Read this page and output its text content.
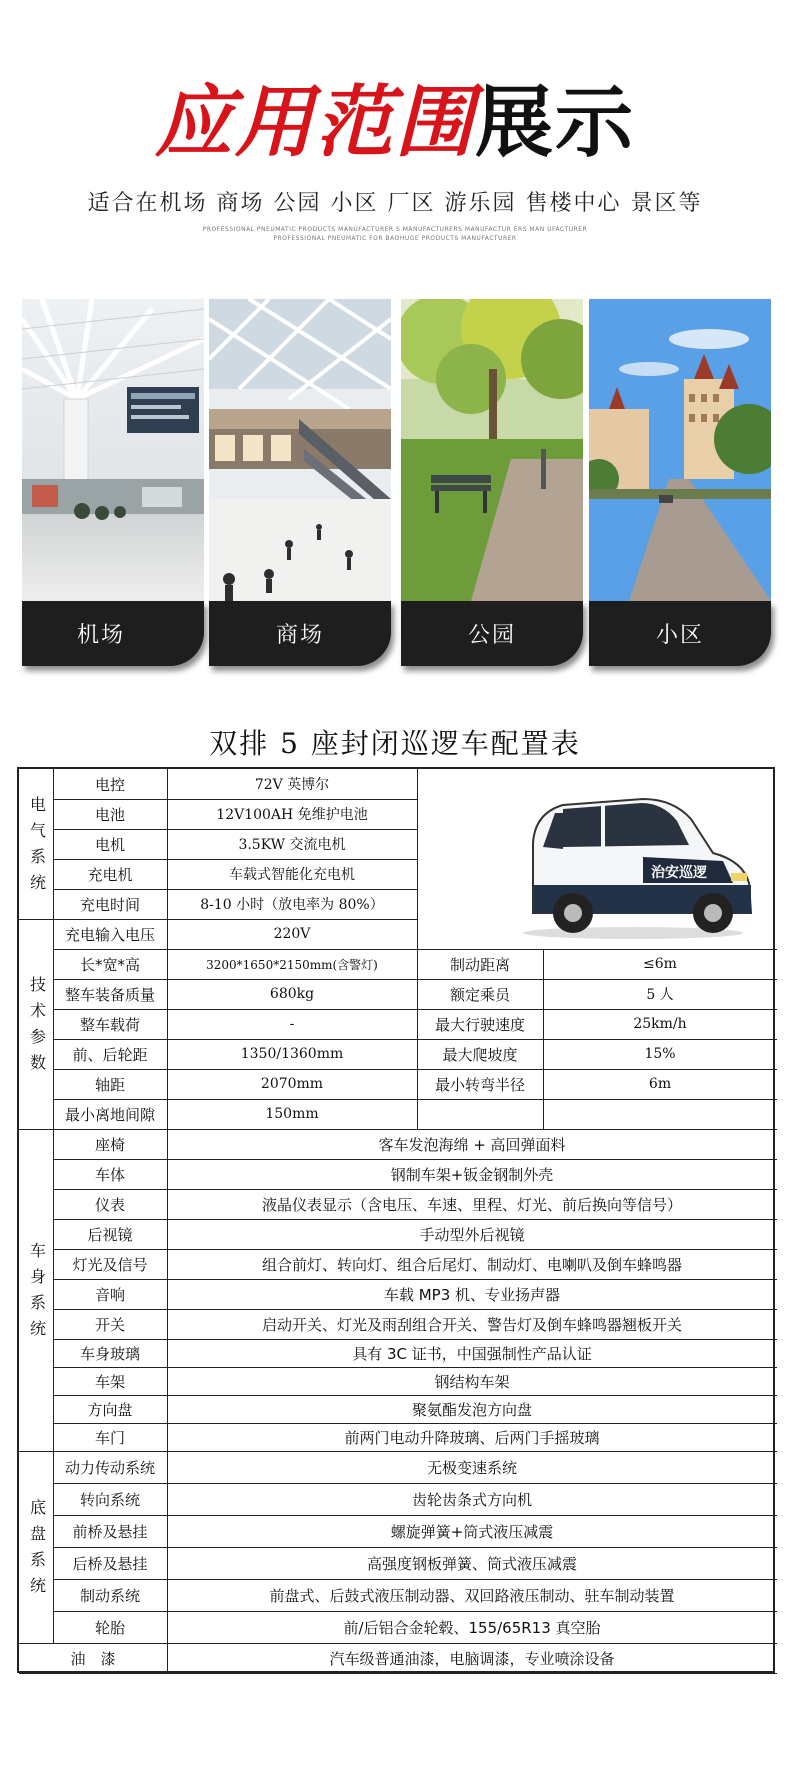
应用范围展示
适合在机场 商场 公园 小区 厂区 游乐园 售楼中心 景区等
PROFESSIONAL PNEUMATIC PRODUCTS MANUFACTURER S MANUFACTURERS MANUFACTUR ERS MAN UFACTURER
PROFESSIONAL PNEUMATIC FOR BAOHUGE PRODUCTS MANUFACTURER
机场	商场	公园	小区
双排 5 座封闭巡逻车配置表
治安巡逻
电
气
系
统
技
术
参
数
车
身
系
统
底
盘
系
统
电控	72V 英博尔
电池	12V100AH 免维护电池
电机	3.5KW 交流电机
充电机	车载式智能化充电机
充电时间	8-10 小时（放电率为 80%）
充电输入电压	220V
长*宽*高	3200*1650*2150mm(含警灯)	制动距离	≤6m
整车装备质量	680kg	额定乘员	5 人
整车载荷	-	最大行驶速度	25km/h
前、后轮距	1350/1360mm	最大爬坡度	15%
轴距	2070mm	最小转弯半径	6m
最小离地间隙	150mm
座椅	客车发泡海绵 + 高回弹面料
车体	钢制车架+钣金钢制外壳
仪表	液晶仪表显示（含电压、车速、里程、灯光、前后换向等信号）
后视镜	手动型外后视镜
灯光及信号	组合前灯、转向灯、组合后尾灯、制动灯、电喇叭及倒车蜂鸣器
音响	车载 MP3 机、专业扬声器
开关	启动开关、灯光及雨刮组合开关、警告灯及倒车蜂鸣器翘板开关
车身玻璃	具有 3C 证书，中国强制性产品认证
车架	钢结构车架
方向盘	聚氨酯发泡方向盘
车门	前两门电动升降玻璃、后两门手摇玻璃
动力传动系统	无极变速系统
转向系统	齿轮齿条式方向机
前桥及悬挂	螺旋弹簧+筒式液压减震
后桥及悬挂	高强度钢板弹簧、筒式液压减震
制动系统	前盘式、后鼓式液压制动器、双回路液压制动、驻车制动装置
轮胎	前/后铝合金轮毂、155/65R13 真空胎
油　漆	汽车级普通油漆，电脑调漆，专业喷涂设备
